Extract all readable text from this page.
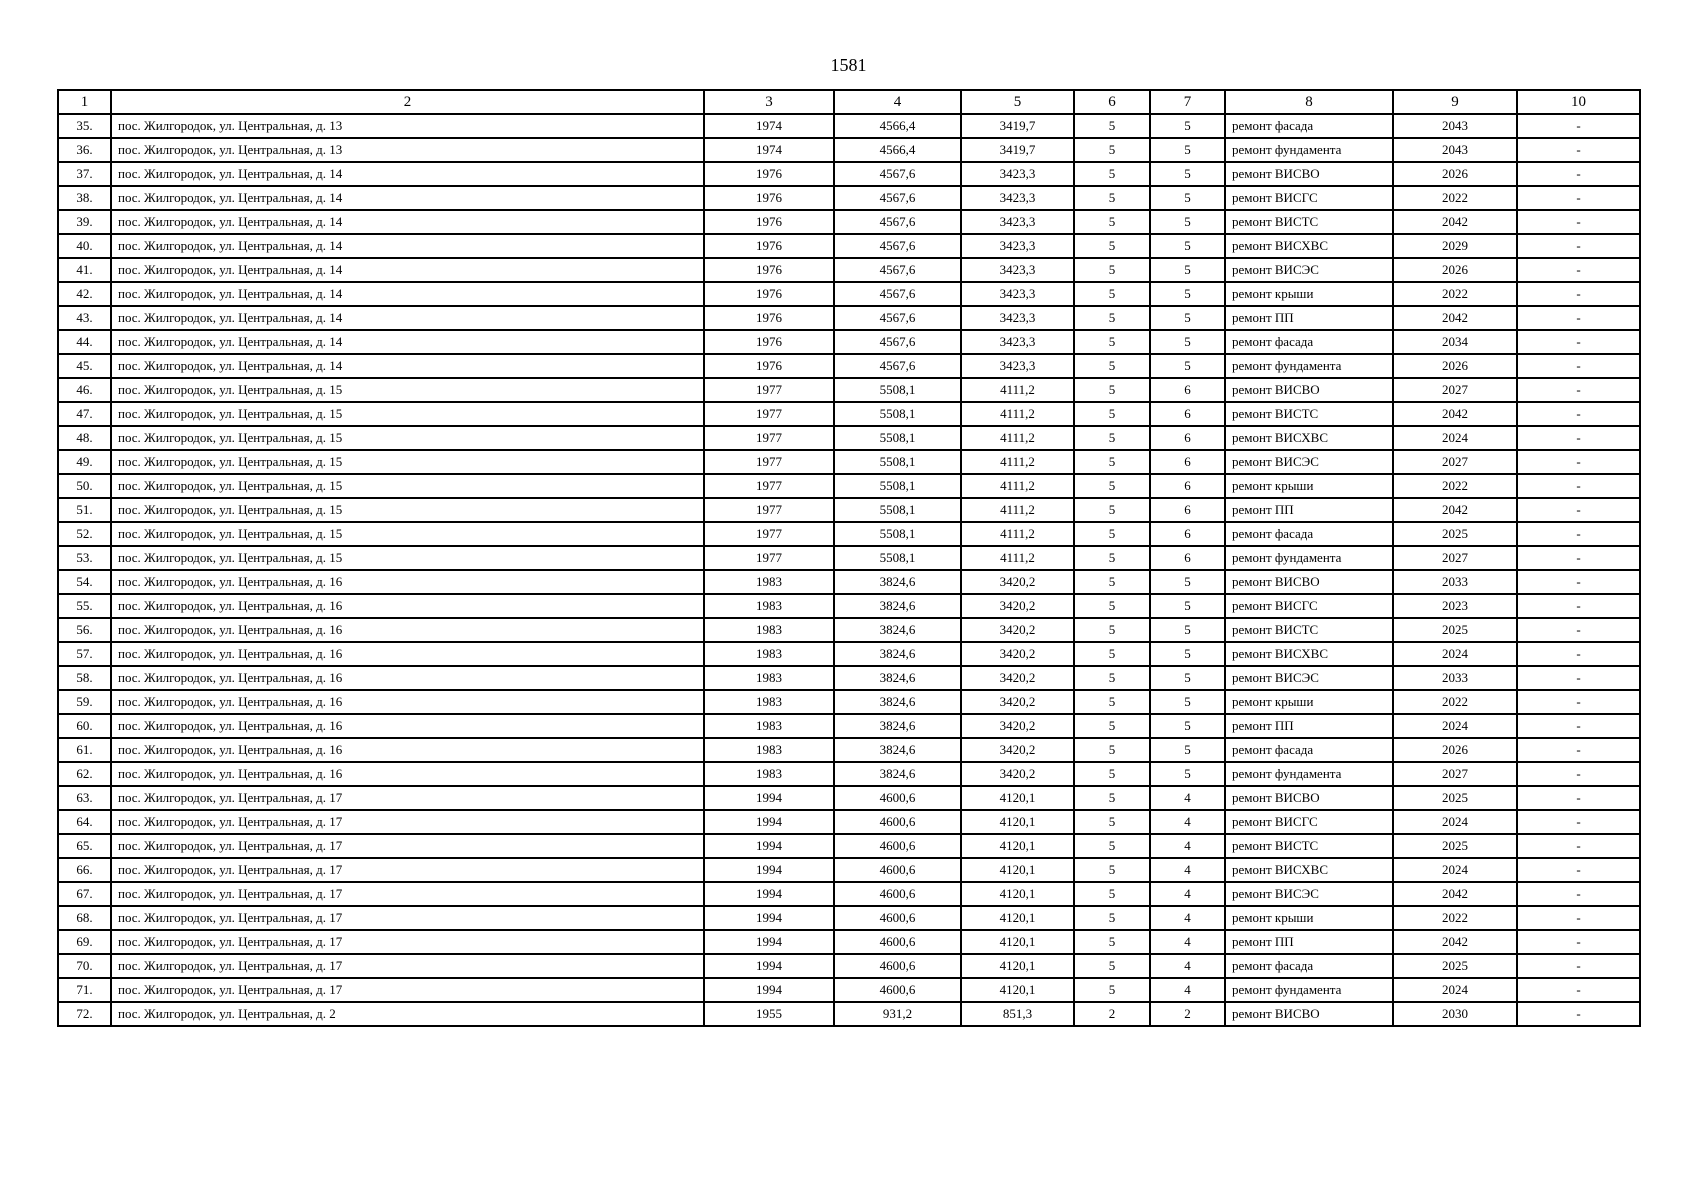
1581
1	2	3	4	5	6	7	8	9	10
35.	пос. Жилгородок, ул. Центральная, д. 13	1974	4566,4	3419,7	5	5	ремонт фасада	2043	-
36.	пос. Жилгородок, ул. Центральная, д. 13	1974	4566,4	3419,7	5	5	ремонт фундамента	2043	-
37.	пос. Жилгородок, ул. Центральная, д. 14	1976	4567,6	3423,3	5	5	ремонт ВИСВО	2026	-
38.	пос. Жилгородок, ул. Центральная, д. 14	1976	4567,6	3423,3	5	5	ремонт ВИСГС	2022	-
39.	пос. Жилгородок, ул. Центральная, д. 14	1976	4567,6	3423,3	5	5	ремонт ВИСТС	2042	-
40.	пос. Жилгородок, ул. Центральная, д. 14	1976	4567,6	3423,3	5	5	ремонт ВИСХВС	2029	-
41.	пос. Жилгородок, ул. Центральная, д. 14	1976	4567,6	3423,3	5	5	ремонт ВИСЭС	2026	-
42.	пос. Жилгородок, ул. Центральная, д. 14	1976	4567,6	3423,3	5	5	ремонт крыши	2022	-
43.	пос. Жилгородок, ул. Центральная, д. 14	1976	4567,6	3423,3	5	5	ремонт ПП	2042	-
44.	пос. Жилгородок, ул. Центральная, д. 14	1976	4567,6	3423,3	5	5	ремонт фасада	2034	-
45.	пос. Жилгородок, ул. Центральная, д. 14	1976	4567,6	3423,3	5	5	ремонт фундамента	2026	-
46.	пос. Жилгородок, ул. Центральная, д. 15	1977	5508,1	4111,2	5	6	ремонт ВИСВО	2027	-
47.	пос. Жилгородок, ул. Центральная, д. 15	1977	5508,1	4111,2	5	6	ремонт ВИСТС	2042	-
48.	пос. Жилгородок, ул. Центральная, д. 15	1977	5508,1	4111,2	5	6	ремонт ВИСХВС	2024	-
49.	пос. Жилгородок, ул. Центральная, д. 15	1977	5508,1	4111,2	5	6	ремонт ВИСЭС	2027	-
50.	пос. Жилгородок, ул. Центральная, д. 15	1977	5508,1	4111,2	5	6	ремонт крыши	2022	-
51.	пос. Жилгородок, ул. Центральная, д. 15	1977	5508,1	4111,2	5	6	ремонт ПП	2042	-
52.	пос. Жилгородок, ул. Центральная, д. 15	1977	5508,1	4111,2	5	6	ремонт фасада	2025	-
53.	пос. Жилгородок, ул. Центральная, д. 15	1977	5508,1	4111,2	5	6	ремонт фундамента	2027	-
54.	пос. Жилгородок, ул. Центральная, д. 16	1983	3824,6	3420,2	5	5	ремонт ВИСВО	2033	-
55.	пос. Жилгородок, ул. Центральная, д. 16	1983	3824,6	3420,2	5	5	ремонт ВИСГС	2023	-
56.	пос. Жилгородок, ул. Центральная, д. 16	1983	3824,6	3420,2	5	5	ремонт ВИСТС	2025	-
57.	пос. Жилгородок, ул. Центральная, д. 16	1983	3824,6	3420,2	5	5	ремонт ВИСХВС	2024	-
58.	пос. Жилгородок, ул. Центральная, д. 16	1983	3824,6	3420,2	5	5	ремонт ВИСЭС	2033	-
59.	пос. Жилгородок, ул. Центральная, д. 16	1983	3824,6	3420,2	5	5	ремонт крыши	2022	-
60.	пос. Жилгородок, ул. Центральная, д. 16	1983	3824,6	3420,2	5	5	ремонт ПП	2024	-
61.	пос. Жилгородок, ул. Центральная, д. 16	1983	3824,6	3420,2	5	5	ремонт фасада	2026	-
62.	пос. Жилгородок, ул. Центральная, д. 16	1983	3824,6	3420,2	5	5	ремонт фундамента	2027	-
63.	пос. Жилгородок, ул. Центральная, д. 17	1994	4600,6	4120,1	5	4	ремонт ВИСВО	2025	-
64.	пос. Жилгородок, ул. Центральная, д. 17	1994	4600,6	4120,1	5	4	ремонт ВИСГС	2024	-
65.	пос. Жилгородок, ул. Центральная, д. 17	1994	4600,6	4120,1	5	4	ремонт ВИСТС	2025	-
66.	пос. Жилгородок, ул. Центральная, д. 17	1994	4600,6	4120,1	5	4	ремонт ВИСХВС	2024	-
67.	пос. Жилгородок, ул. Центральная, д. 17	1994	4600,6	4120,1	5	4	ремонт ВИСЭС	2042	-
68.	пос. Жилгородок, ул. Центральная, д. 17	1994	4600,6	4120,1	5	4	ремонт крыши	2022	-
69.	пос. Жилгородок, ул. Центральная, д. 17	1994	4600,6	4120,1	5	4	ремонт ПП	2042	-
70.	пос. Жилгородок, ул. Центральная, д. 17	1994	4600,6	4120,1	5	4	ремонт фасада	2025	-
71.	пос. Жилгородок, ул. Центральная, д. 17	1994	4600,6	4120,1	5	4	ремонт фундамента	2024	-
72.	пос. Жилгородок, ул. Центральная, д. 2	1955	931,2	851,3	2	2	ремонт ВИСВО	2030	-
